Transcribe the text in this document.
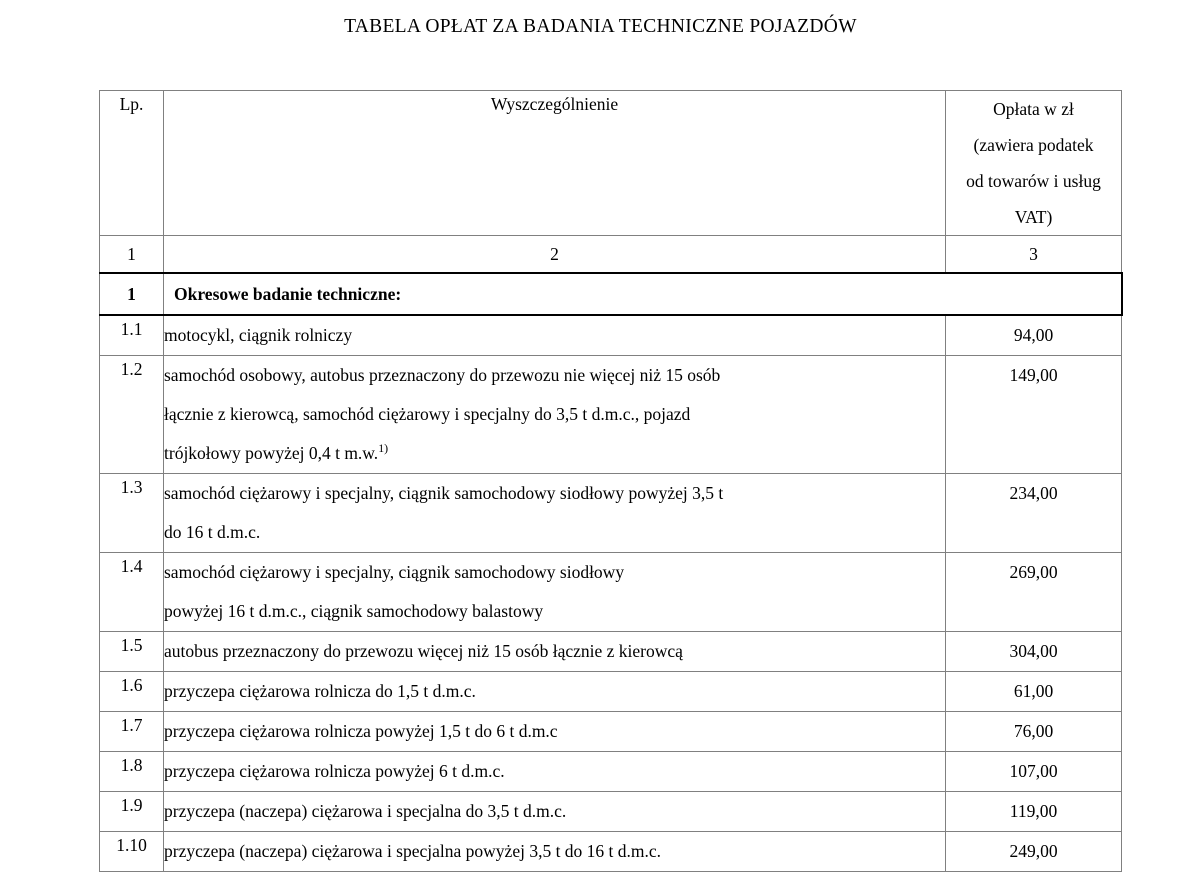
TABELA OPŁAT ZA BADANIA TECHNICZNE POJAZDÓW
Lp.	Wyszczególnienie	Opłata w zł
(zawiera podatek
od towarów i usług
VAT)

1	2	3
1	Okresowe badanie techniczne:	
1.1	motocykl, ciągnik rolniczy	94,00
1.2	samochód osobowy, autobus przeznaczony do przewozu nie więcej niż 15 osób
łącznie z kierowcą, samochód ciężarowy i specjalny do 3,5 t d.m.c., pojazd
trójkołowy powyżej 0,4 t m.w.$^{1)}$	149,00
1.3	samochód ciężarowy i specjalny, ciągnik samochodowy siodłowy powyżej 3,5 t
do 16 t d.m.c.	234,00
1.4	samochód ciężarowy i specjalny, ciągnik samochodowy siodłowy
powyżej 16 t d.m.c., ciągnik samochodowy balastowy	269,00
1.5	autobus przeznaczony do przewozu więcej niż 15 osób łącznie z kierowcą	304,00
1.6	przyczepa ciężarowa rolnicza do 1,5 t d.m.c.	61,00
1.7	przyczepa ciężarowa rolnicza powyżej 1,5 t do 6 t d.m.c	76,00
1.8	przyczepa ciężarowa rolnicza powyżej 6 t d.m.c.	107,00
1.9	przyczepa (naczepa) ciężarowa i specjalna do 3,5 t d.m.c.	119,00
1.10	przyczepa (naczepa) ciężarowa i specjalna powyżej 3,5 t do 16 t d.m.c.	249,00
